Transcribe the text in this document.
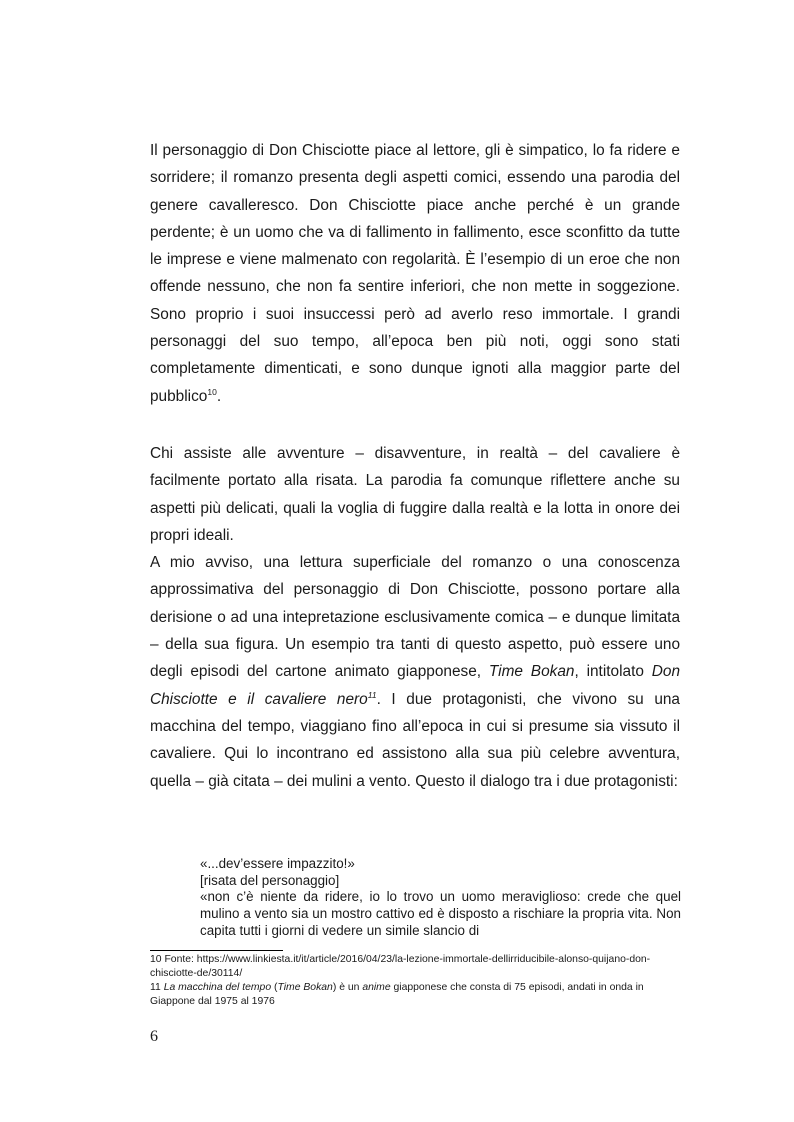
Il personaggio di Don Chisciotte piace al lettore, gli è simpatico, lo fa ridere e sorridere; il romanzo presenta degli aspetti comici, essendo una parodia del genere cavalleresco. Don Chisciotte piace anche perché è un grande perdente; è un uomo che va di fallimento in fallimento, esce sconfitto da tutte le imprese e viene malmenato con regolarità. È l’esempio di un eroe che non offende nessuno, che non fa sentire inferiori, che non mette in soggezione. Sono proprio i suoi insuccessi però ad averlo reso immortale. I grandi personaggi del suo tempo, all’epoca ben più noti, oggi sono stati completamente dimenticati, e sono dunque ignoti alla maggior parte del pubblico$^{10}$.

Chi assiste alle avventure – disavventure, in realtà – del cavaliere è facilmente portato alla risata. La parodia fa comunque riflettere anche su aspetti più delicati, quali la voglia di fuggire dalla realtà e la lotta in onore dei propri ideali.

A mio avviso, una lettura superficiale del romanzo o una conoscenza approssimativa del personaggio di Don Chisciotte, possono portare alla derisione o ad una intepretazione esclusivamente comica – e dunque limitata – della sua figura. Un esempio tra tanti di questo aspetto, può essere uno degli episodi del cartone animato giapponese, Time Bokan, intitolato Don Chisciotte e il cavaliere nero$^{11}$. I due protagonisti, che vivono su una macchina del tempo, viaggiano fino all’epoca in cui si presume sia vissuto il cavaliere. Qui lo incontrano ed assistono alla sua più celebre avventura, quella – già citata – dei mulini a vento. Questo il dialogo tra i due protagonisti:

«...dev’essere impazzito!»
[risata del personaggio]
«non c’è niente da ridere, io lo trovo un uomo meraviglioso: crede che quel mulino a vento sia un mostro cattivo ed è disposto a rischiare la propria vita. Non capita tutti i giorni di vedere un simile slancio di

10 Fonte: https://www.linkiesta.it/it/article/2016/04/23/la-lezione-immortale-dellirriducibile-alonso-quijano-don-chisciotte-de/30114/

11 La macchina del tempo (Time Bokan) è un anime giapponese che consta di 75 episodi, andati in onda in Giappone dal 1975 al 1976

6
